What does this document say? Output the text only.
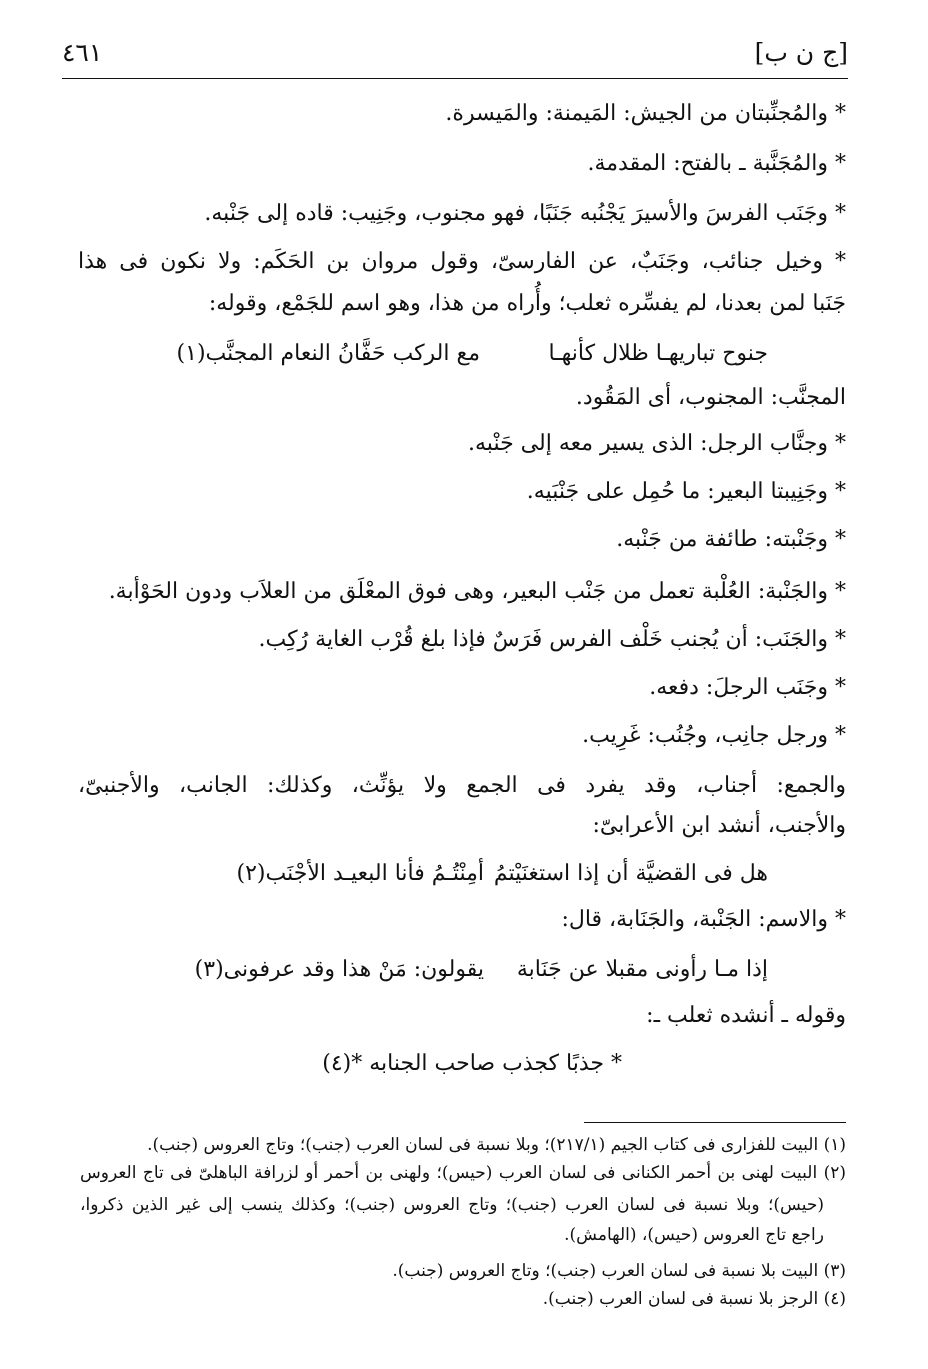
[ج ن ب]
٤٦١
* والمُجنِّبتان من الجيش: المَيمنة: والمَيسرة.
* والمُجَنَّبة ـ بالفتح: المقدمة.
* وجَنَب الفرسَ والأسيرَ يَجْنُبه جَنَبًا، فهو مجنوب، وجَنِيب: قاده إلى جَنْبه.
* وخيل جنائب، وجَنَبٌ، عن الفارسىّ، وقول مروان بن الحَكَم: ولا نكون فى هذا
جَنَبا لمن بعدنا، لم يفسِّره ثعلب؛ وأُراه من هذا، وهو اسم للجَمْع، وقوله:
جنوح تباريهـا ظلال كأنهـا
مع الركب حَفَّانُ النعام المجنَّب(١)
المجنَّب: المجنوب، أى المَقُود.
* وجنَّاب الرجل: الذى يسير معه إلى جَنْبه.
* وجَنِيبتا البعير: ما حُمِل على جَنْبَيه.
* وجَنْبته: طائفة من جَنْبه.
* والجَنْبة: العُلْبة تعمل من جَنْب البعير، وهى فوق المعْلَق من العلاَب ودون الحَوْأبة.
* والجَنَب: أن يُجنب خَلْف الفرس فَرَسٌ فإذا بلغ قُرْب الغاية رُكِب.
* وجَنَب الرجلَ: دفعه.
* ورجل جانِب، وجُنُب: غَرِيب.
والجمع: أجناب، وقد يفرد فى الجمع ولا يؤنِّث، وكذلك: الجانب، والأجنبىّ،
والأجنب، أنشد ابن الأعرابىّ:
هل فى القضيَّة أن إذا استغنَيْتمُ
أمِنْتُـمُ فأنا البعيـد الأجْنَب(٢)
* والاسم: الجَنْبة، والجَنَابة، قال:
إذا مـا رأونى مقبلا عن جَنَابة
يقولون: مَنْ هذا وقد عرفونى(٣)
وقوله ـ أنشده ثعلب ـ:
* جذبًا كجذب صاحب الجنابه *(٤)
(١) البيت للفزارى فى كتاب الجيم (٢١٧/١)؛ وبلا نسبة فى لسان العرب (جنب)؛ وتاج العروس (جنب).
(٢) البيت لهنى بن أحمر الكنانى فى لسان العرب (حيس)؛ ولهنى بن أحمر أو لزرافة الباهلىّ فى تاج العروس
(حيس)؛ وبلا نسبة فى لسان العرب (جنب)؛ وتاج العروس (جنب)؛ وكذلك ينسب إلى غير الذين ذكروا،
راجع تاج العروس (حيس)، (الهامش).
(٣) البيت بلا نسبة فى لسان العرب (جنب)؛ وتاج العروس (جنب).
(٤) الرجز بلا نسبة فى لسان العرب (جنب).
